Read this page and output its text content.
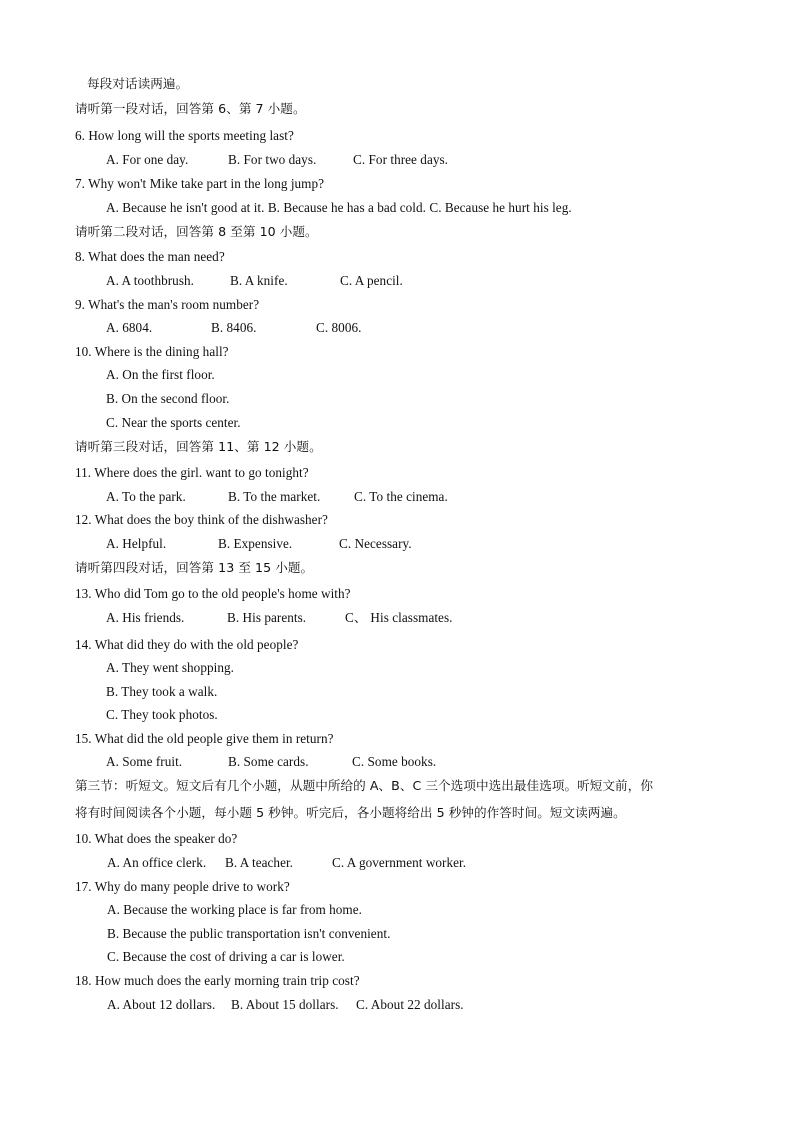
每段对话读两遍。
请听第一段对话，回答第 6、第 7 小题。
6. How long will the sports meeting last?
A. For one day.	B. For two days.	C. For three days.
7. Why won't Mike take part in the long jump?
A. Because he isn't good at it. B. Because he has a bad cold. C. Because he hurt his leg.
请听第二段对话，回答第 8 至第 10 小题。
8. What does the man need?
A. A toothbrush.	B. A knife.	C. A pencil.
9. What's the man's room number?
A. 6804.	B. 8406.	C. 8006.
10. Where is the dining hall?
A. On the first floor.
B. On the second floor.
C. Near the sports center.
请听第三段对话，回答第 11、第 12 小题。
11. Where does the girl. want to go tonight?
A. To the park.	B. To the market.	C. To the cinema.
12. What does the boy think of the dishwasher?
A. Helpful.	B. Expensive.	C. Necessary.
请听第四段对话，回答第 13 至 15 小题。
13. Who did Tom go to the old people's home with?
A. His friends.	B. His parents.	C、 His classmates.
14. What did they do with the old people?
A. They went shopping.
B. They took a walk.
C. They took photos.
15. What did the old people give them in return?
A. Some fruit.	B. Some cards.	C. Some books.
第三节：听短文。短文后有几个小题，从题中所给的 A、B、C 三个选项中选出最佳选项。听短文前，你
将有时间阅读各个小题，每小题 5 秒钟。听完后，各小题将给出 5 秒钟的作答时间。短文读两遍。
10. What does the speaker do?
A. An office clerk. B. A teacher.	C. A government worker.
17. Why do many people drive to work?
A. Because the working place is far from home.
B. Because the public transportation isn't convenient.
C. Because the cost of driving a car is lower.
18. How much does the early morning train trip cost?
A. About 12 dollars. B. About 15 dollars. C. About 22 dollars.
